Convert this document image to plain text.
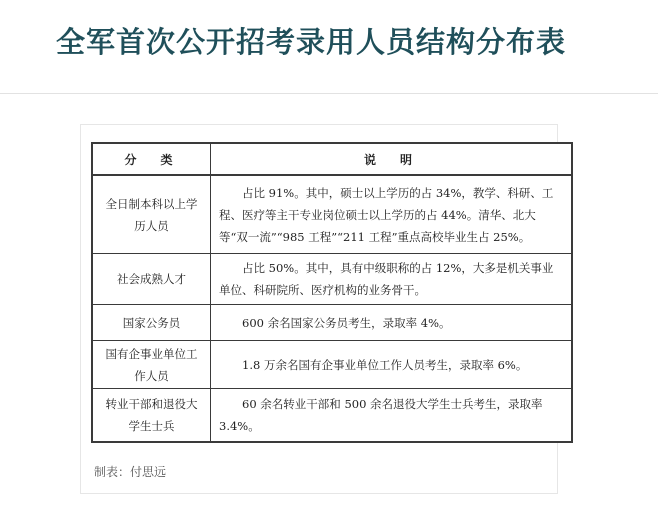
全军首次公开招考录用人员结构分布表
分　类	说　明
全日制本科以上学历人员
占比 91%。其中，硕士以上学历的占 34%，教学、科研、工程、医疗等主干专业岗位硕士以上学历的占 44%。清华、北大等“双一流”“985 工程”“211 工程”重点高校毕业生占 25%。
社会成熟人才
占比 50%。其中，具有中级职称的占 12%，大多是机关事业单位、科研院所、医疗机构的业务骨干。
国家公务员	600 余名国家公务员考生，录取率 4%。
国有企事业单位工作人员
1.8 万余名国有企事业单位工作人员考生，录取率 6%。
转业干部和退役大学生士兵
60 余名转业干部和 500 余名退役大学生士兵考生，录取率 3.4%。
制表：付思远
